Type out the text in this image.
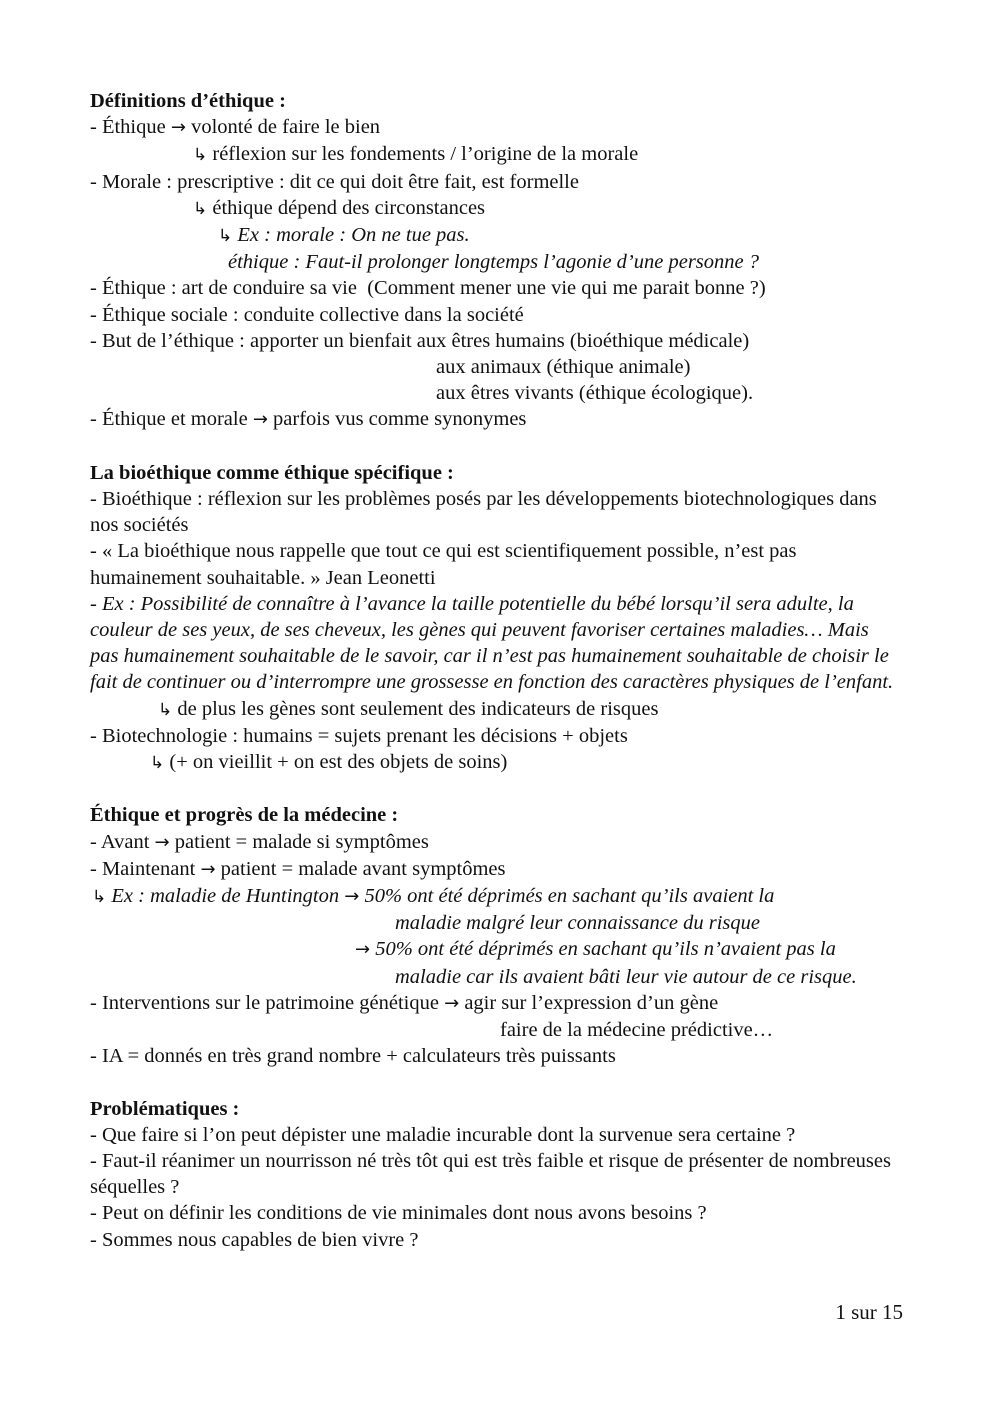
Définitions d’éthique :
- Éthique → volonté de faire le bien
↳ réflexion sur les fondements / l’origine de la morale
- Morale : prescriptive : dit ce qui doit être fait, est formelle
↳ éthique dépend des circonstances
↳ Ex : morale : On ne tue pas.
éthique : Faut-il prolonger longtemps l’agonie d’une personne ?
- Éthique : art de conduire sa vie  (Comment mener une vie qui me parait bonne ?)
- Éthique sociale : conduite collective dans la société
- But de l’éthique : apporter un bienfait aux êtres humains (bioéthique médicale)
aux animaux (éthique animale)
aux êtres vivants (éthique écologique).
- Éthique et morale → parfois vus comme synonymes
La bioéthique comme éthique spécifique :
- Bioéthique : réflexion sur les problèmes posés par les développements biotechnologiques dans nos sociétés
- « La bioéthique nous rappelle que tout ce qui est scientifiquement possible, n’est pas humainement souhaitable. » Jean Leonetti
- Ex : Possibilité de connaître à l’avance la taille potentielle du bébé lorsqu’il sera adulte, la couleur de ses yeux, de ses cheveux, les gènes qui peuvent favoriser certaines maladies… Mais pas humainement souhaitable de le savoir, car il n’est pas humainement souhaitable de choisir le fait de continuer ou d’interrompre une grossesse en fonction des caractères physiques de l’enfant.
↳ de plus les gènes sont seulement des indicateurs de risques
- Biotechnologie : humains = sujets prenant les décisions + objets
↳ (+ on vieillit + on est des objets de soins)
Éthique et progrès de la médecine :
- Avant → patient = malade si symptômes
- Maintenant → patient = malade avant symptômes
↳ Ex : maladie de Huntington → 50% ont été déprimés en sachant qu’ils avaient la
maladie malgré leur connaissance du risque
→ 50% ont été déprimés en sachant qu’ils n’avaient pas la
maladie car ils avaient bâti leur vie autour de ce risque.
- Interventions sur le patrimoine génétique → agir sur l’expression d’un gène
faire de la médecine prédictive…
- IA = donnés en très grand nombre + calculateurs très puissants
Problématiques :
- Que faire si l’on peut dépister une maladie incurable dont la survenue sera certaine ?
- Faut-il réanimer un nourrisson né très tôt qui est très faible et risque de présenter de nombreuses séquelles ?
- Peut on définir les conditions de vie minimales dont nous avons besoins ?
- Sommes nous capables de bien vivre ?
1 sur 15
